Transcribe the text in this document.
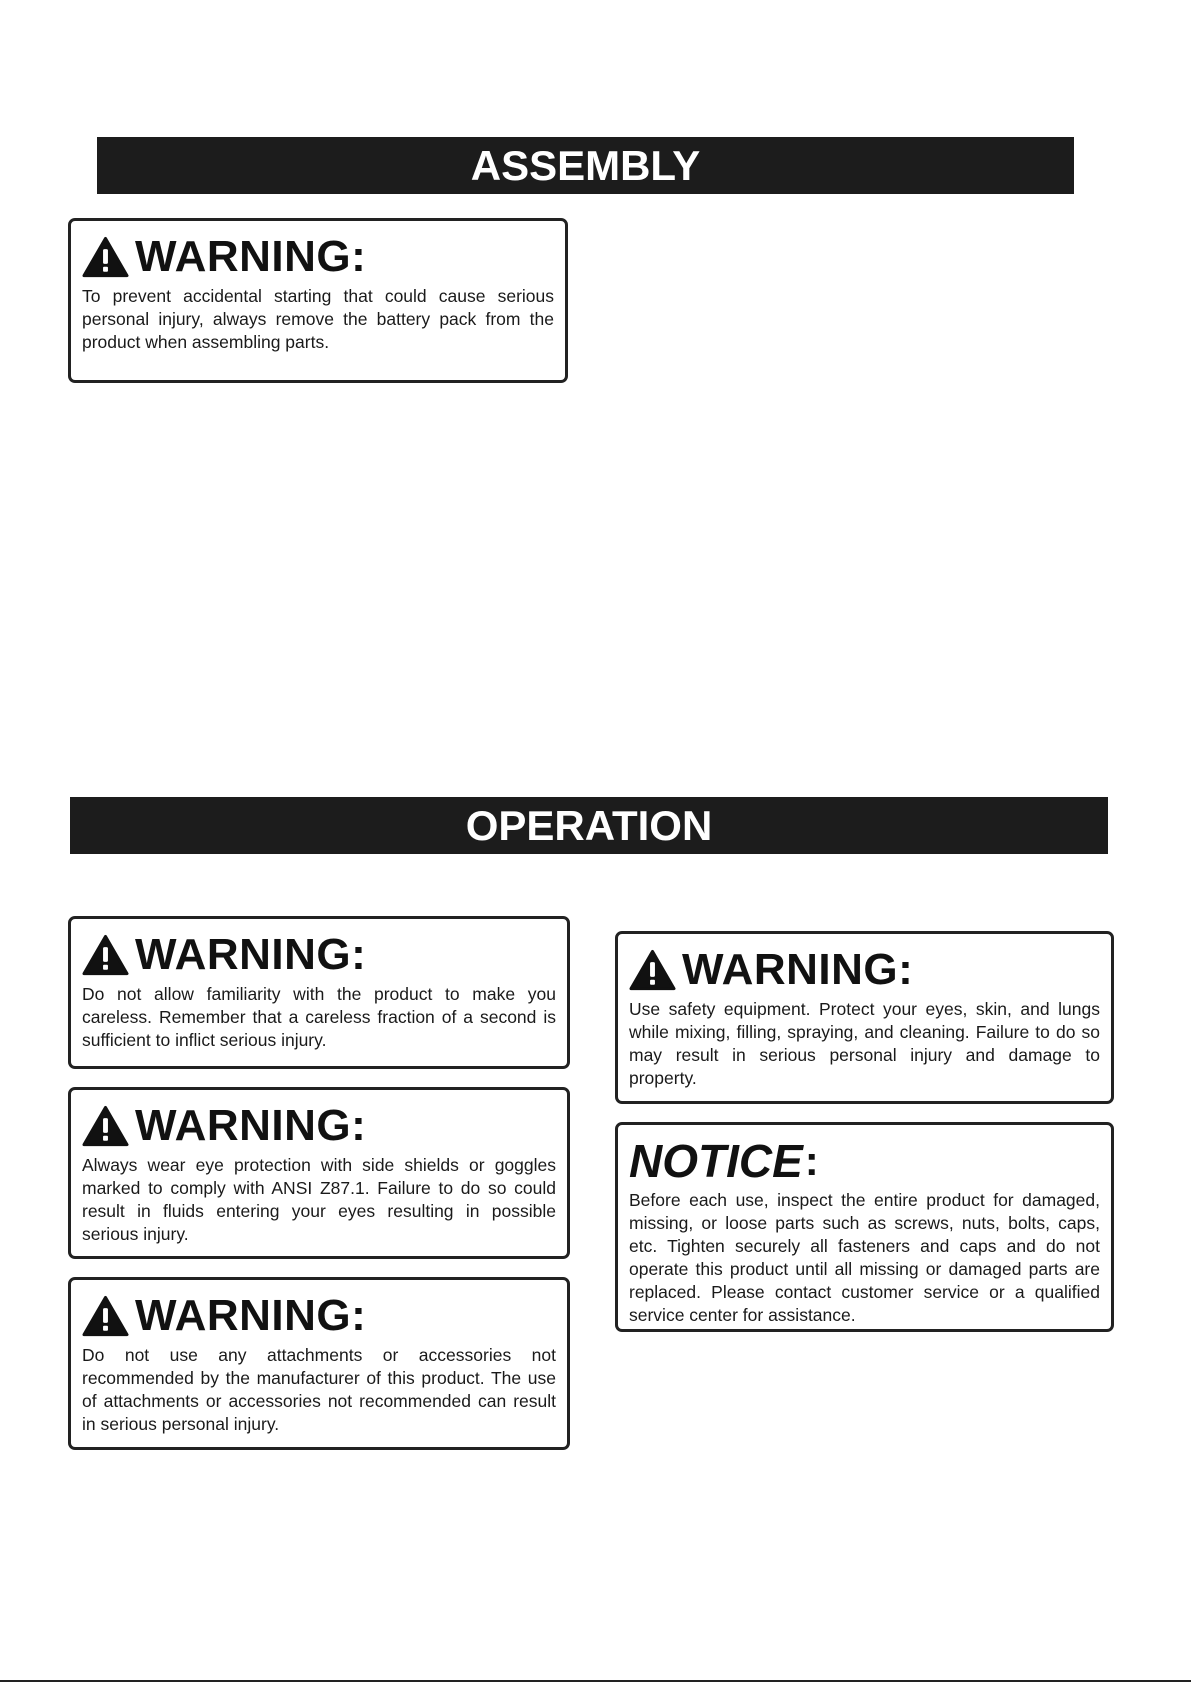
ASSEMBLY
WARNING:
To prevent accidental starting that could cause serious personal injury, always remove the battery pack from the product when assembling parts.
OPERATION
WARNING:
Do not allow familiarity with the product to make you careless. Remember that a careless fraction of a second is sufficient to inflict serious injury.
WARNING:
Always wear eye protection with side shields or goggles marked to comply with ANSI Z87.1. Failure to do so could result in fluids entering your eyes resulting in possible serious injury.
WARNING:
Do not use any attachments or accessories not recommended by the manufacturer of this product. The use of attachments or accessories not recommended can result in serious personal injury.
WARNING:
Use safety equipment. Protect your eyes, skin, and lungs while mixing, filling, spraying, and cleaning. Failure to do so may result in serious personal injury and damage to property.
NOTICE :
Before each use, inspect the entire product for damaged, missing, or loose parts such as screws, nuts, bolts, caps, etc. Tighten securely all fasteners and caps and do not operate this product until all missing or damaged parts are replaced. Please contact customer service or a qualified service center for assistance.
